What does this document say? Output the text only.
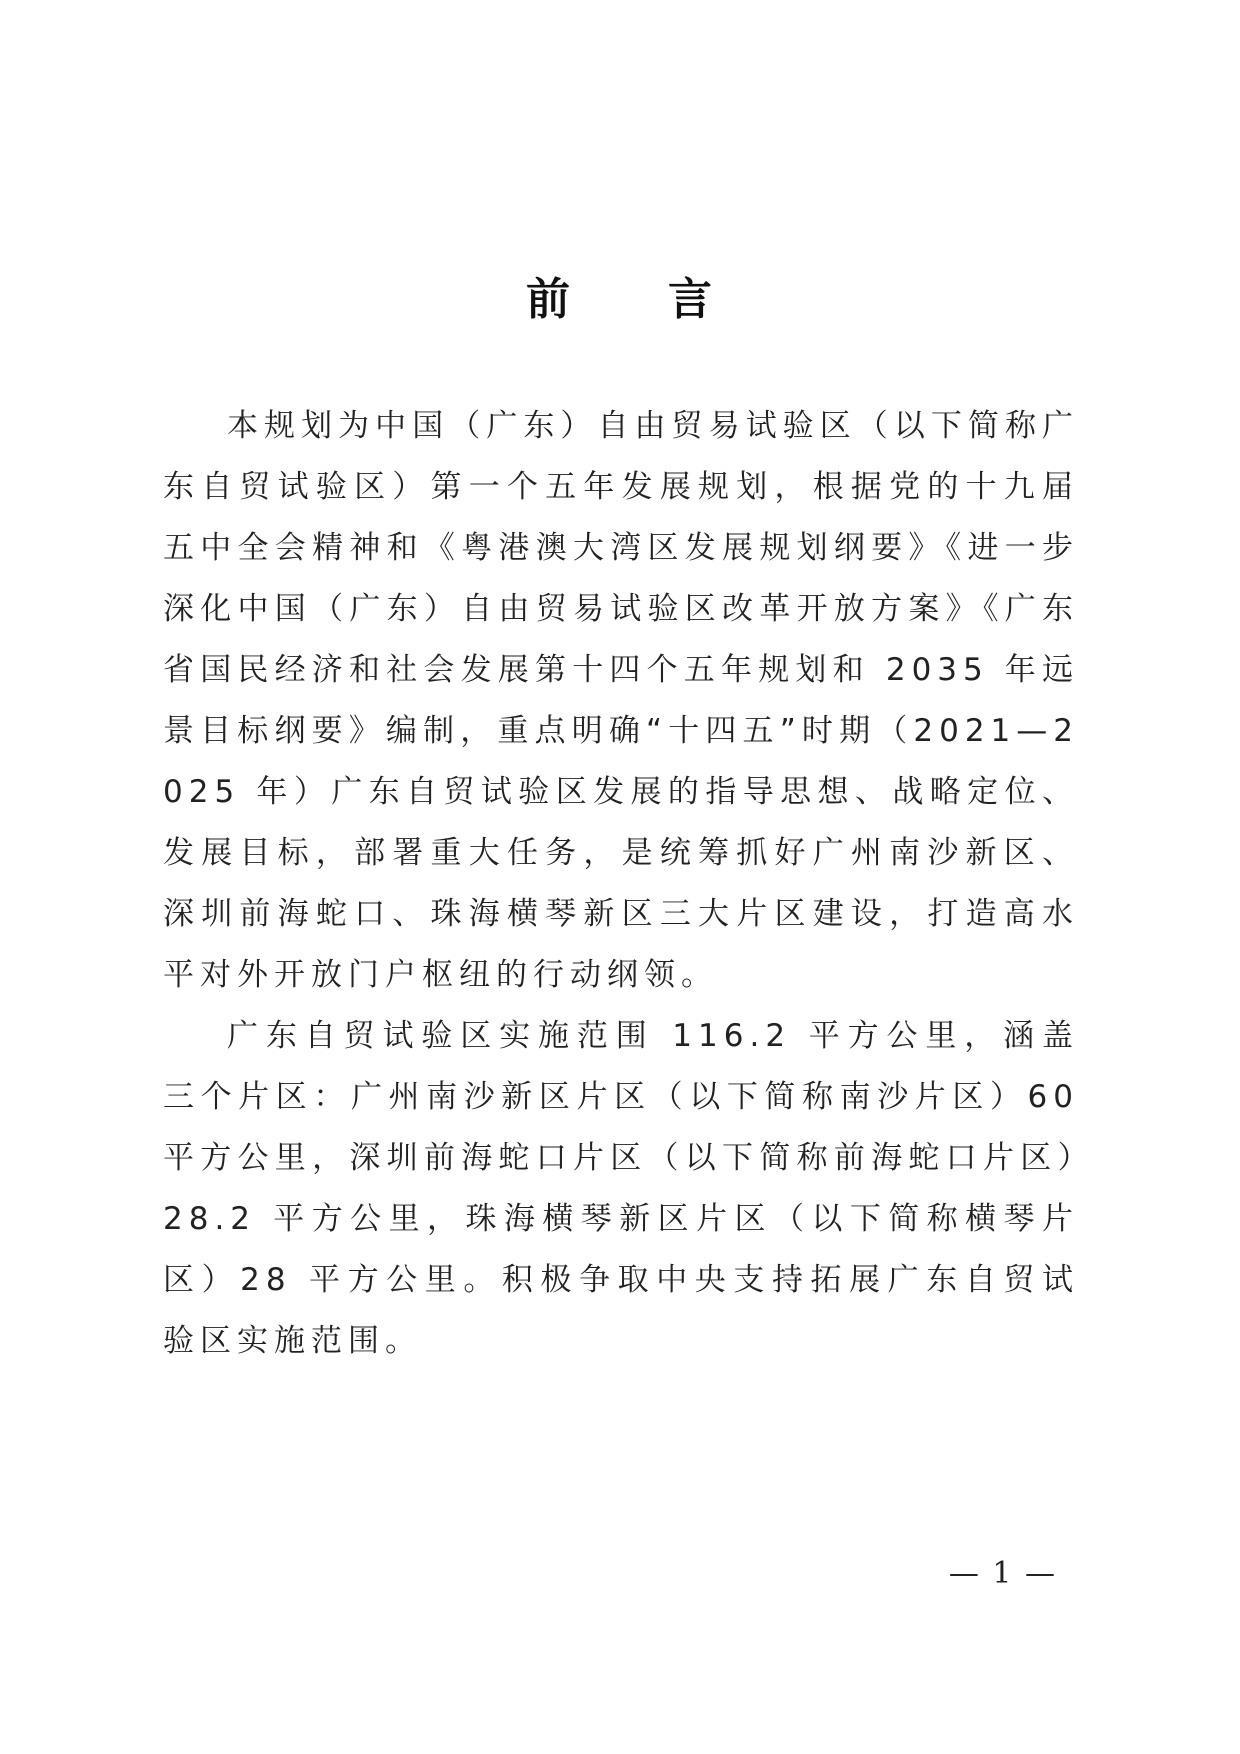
前 言

本规划为中国（广东）自由贸易试验区（以下简称广东自贸试验区）第一个五年发展规划，根据党的十九届五中全会精神和《粤港澳大湾区发展规划纲要》《进一步深化中国（广东）自由贸易试验区改革开放方案》《广东省国民经济和社会发展第十四个五年规划和 2035 年远景目标纲要》编制，重点明确“十四五”时期（2021—2025 年）广东自贸试验区发展的指导思想、战略定位、发展目标，部署重大任务，是统筹抓好广州南沙新区、深圳前海蛇口、珠海横琴新区三大片区建设，打造高水平对外开放门户枢纽的行动纲领。

广东自贸试验区实施范围 116.2 平方公里，涵盖三个片区：广州南沙新区片区（以下简称南沙片区）60 平方公里，深圳前海蛇口片区（以下简称前海蛇口片区）28.2 平方公里，珠海横琴新区片区（以下简称横琴片区）28 平方公里。积极争取中央支持拓展广东自贸试验区实施范围。

— 1 —
